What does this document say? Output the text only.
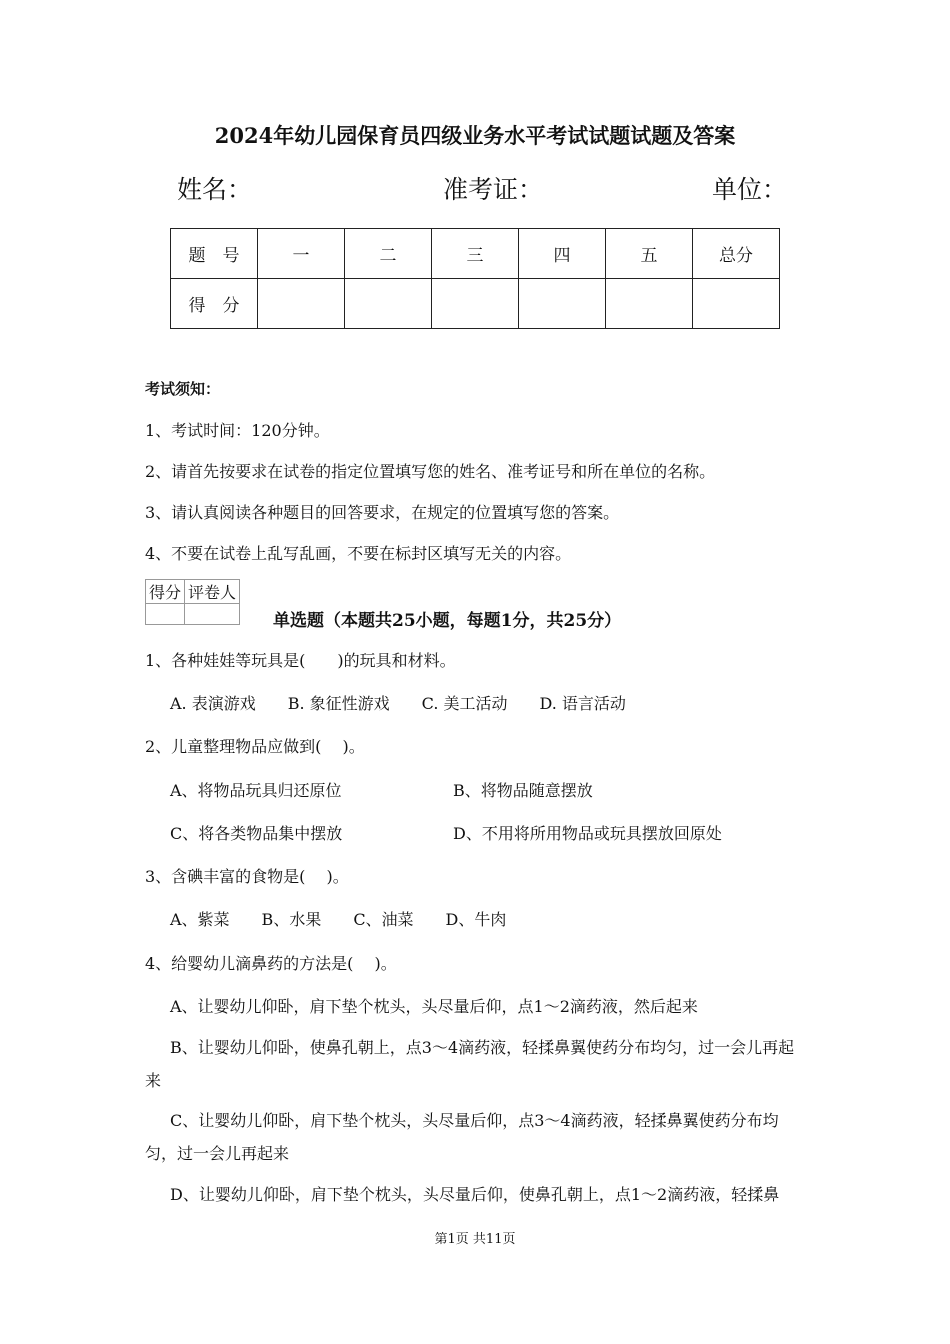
2024年幼儿园保育员四级业务水平考试试题试题及答案
姓名：	准考证：	单位：
题　号	一	二	三	四	五	总分
得　分						
考试须知：
1、考试时间：120分钟。
2、请首先按要求在试卷的指定位置填写您的姓名、准考证号和所在单位的名称。
3、请认真阅读各种题目的回答要求，在规定的位置填写您的答案。
4、不要在试卷上乱写乱画，不要在标封区填写无关的内容。
得分	评卷人

单选题（本题共25小题，每题1分，共25分）
1、各种娃娃等玩具是(　　)的玩具和材料。
A. 表演游戏　　B. 象征性游戏　　C. 美工活动　　D. 语言活动
2、儿童整理物品应做到(　 )。
A、将物品玩具归还原位	B、将物品随意摆放
C、将各类物品集中摆放	D、不用将所用物品或玩具摆放回原处
3、含碘丰富的食物是(　 )。
A、紫菜　　B、水果　　C、油菜　　D、牛肉
4、给婴幼儿滴鼻药的方法是(　 )。
A、让婴幼儿仰卧，肩下垫个枕头，头尽量后仰，点1～2滴药液，然后起来
B、让婴幼儿仰卧，使鼻孔朝上，点3～4滴药液，轻揉鼻翼使药分布均匀，过一会儿再起来
C、让婴幼儿仰卧，肩下垫个枕头，头尽量后仰，点3～4滴药液，轻揉鼻翼使药分布均匀，过一会儿再起来
D、让婴幼儿仰卧，肩下垫个枕头，头尽量后仰，使鼻孔朝上，点1～2滴药液，轻揉鼻
第1页 共11页
